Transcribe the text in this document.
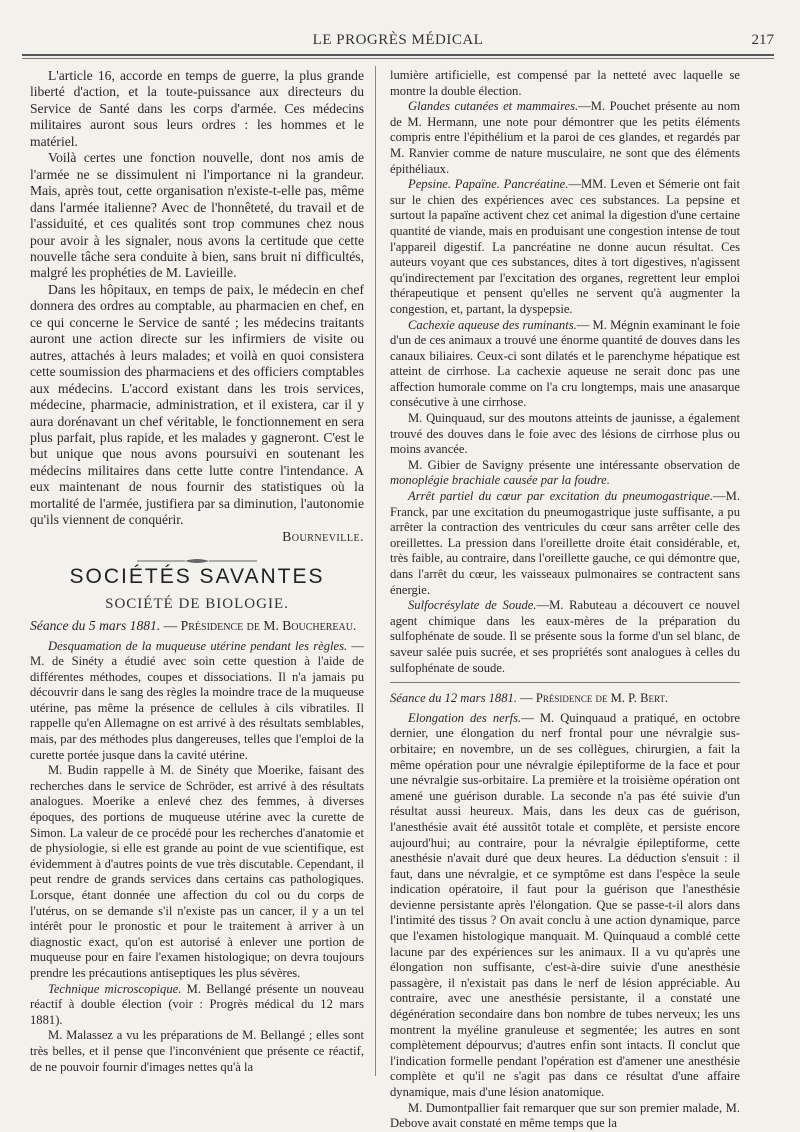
LE PROGRÈS MÉDICAL	217

L'article 16, accorde en temps de guerre, la plus grande liberté d'action, et la toute-puissance aux directeurs du Service de Santé dans les corps d'armée. Ces médecins militaires auront sous leurs ordres : les hommes et le matériel.

Voilà certes une fonction nouvelle, dont nos amis de l'armée ne se dissimulent ni l'importance ni la grandeur. Mais, après tout, cette organisation n'existe-t-elle pas, même dans l'armée italienne? Avec de l'honnêteté, du travail et de l'assiduité, et ces qualités sont trop communes chez nous pour avoir à les signaler, nous avons la certitude que cette nouvelle tâche sera conduite à bien, sans bruit ni difficultés, malgré les prophéties de M. Lavieille.

Dans les hôpitaux, en temps de paix, le médecin en chef donnera des ordres au comptable, au pharmacien en chef, en ce qui concerne le Service de santé ; les médecins traitants auront une action directe sur les infirmiers de visite ou autres, attachés à leurs malades; et voilà en quoi consistera cette soumission des pharmaciens et des officiers comptables aux médecins. L'accord existant dans les trois services, médecine, pharmacie, administration, et il existera, car il y aura dorénavant un chef véritable, le fonctionnement en sera plus parfait, plus rapide, et les malades y gagneront. C'est le but unique que nous avons poursuivi en soutenant les médecins militaires dans cette lutte contre l'intendance. A eux maintenant de nous fournir des statistiques où la mortalité de l'armée, justifiera par sa diminution, l'autonomie qu'ils viennent de conquérir.

Bourneville.

SOCIÉTÉS SAVANTES
SOCIÉTÉ DE BIOLOGIE.

Séance du 5 mars 1881. — Présidence de M. Bouchereau.

Desquamation de la muqueuse utérine pendant les règles. — M. de Sinéty a étudié avec soin cette question à l'aide de différentes méthodes, coupes et dissociations. Il n'a jamais pu découvrir dans le sang des règles la moindre trace de la muqueuse utérine, pas même la présence de cellules à cils vibratiles. Il rappelle qu'en Allemagne on est arrivé à des résultats semblables, mais, par des méthodes plus dangereuses, telles que l'emploi de la curette portée jusque dans la cavité utérine.

M. Budin rappelle à M. de Sinéty que Moerike, faisant des recherches dans le service de Schröder, est arrivé à des résultats analogues. Moerike a enlevé chez des femmes, à diverses époques, des portions de muqueuse utérine avec la curette de Simon. La valeur de ce procédé pour les recherches d'anatomie et de physiologie, si elle est grande au point de vue scientifique, est évidemment à d'autres points de vue très discutable. Cependant, il peut rendre de grands services dans certains cas pathologiques. Lorsque, étant donnée une affection du col ou du corps de l'utérus, on se demande s'il n'existe pas un cancer, il y a un tel intérêt pour le pronostic et pour le traitement à arriver à un diagnostic exact, qu'on est autorisé à enlever une portion de muqueuse pour en faire l'examen histologique; on devra toujours prendre les précautions antiseptiques les plus sévères.

Technique microscopique. M. Bellangé présente un nouveau réactif à double élection (voir : Progrès médical du 12 mars 1881).

M. Malassez a vu les préparations de M. Bellangé ; elles sont très belles, et il pense que l'inconvénient que présente ce réactif, de ne pouvoir fournir d'images nettes qu'à la

lumière artificielle, est compensé par la netteté avec laquelle se montre la double élection.

Glandes cutanées et mammaires.—M. Pouchet présente au nom de M. Hermann, une note pour démontrer que les petits éléments compris entre l'épithélium et la paroi de ces glandes, et regardés par M. Ranvier comme de nature musculaire, ne sont que des éléments épithéliaux.

Pepsine. Papaïne. Pancréatine.—MM. Leven et Sémerie ont fait sur le chien des expériences avec ces substances. La pepsine et surtout la papaïne activent chez cet animal la digestion d'une certaine quantité de viande, mais en produisant une congestion intense de tout l'appareil digestif. La pancréatine ne donne aucun résultat. Ces auteurs voyant que ces substances, dites à tort digestives, n'agissent qu'indirectement par l'excitation des organes, regrettent leur emploi thérapeutique et pensent qu'elles ne servent qu'à augmenter la congestion, et, partant, la dyspepsie.

Cachexie aqueuse des ruminants.— M. Mégnin examinant le foie d'un de ces animaux a trouvé une énorme quantité de douves dans les canaux biliaires. Ceux-ci sont dilatés et le parenchyme hépatique est atteint de cirrhose. La cachexie aqueuse ne serait donc pas une affection humorale comme on l'a cru longtemps, mais une anasarque consécutive à une cirrhose.

M. Quinquaud, sur des moutons atteints de jaunisse, a également trouvé des douves dans le foie avec des lésions de cirrhose plus ou moins avancée.

M. Gibier de Savigny présente une intéressante observation de monoplégie brachiale causée par la foudre.

Arrêt partiel du cœur par excitation du pneumogastrique.—M. Franck, par une excitation du pneumogastrique juste suffisante, a pu arrêter la contraction des ventricules du cœur sans arrêter celle des oreillettes. La pression dans l'oreillette droite était considérable, et, très faible, au contraire, dans l'oreillette gauche, ce qui démontre que, dans l'arrêt du cœur, les vaisseaux pulmonaires se contractent sans énergie.

Sulfocrésylate de Soude.—M. Rabuteau a découvert ce nouvel agent chimique dans les eaux-mères de la préparation du sulfophénate de soude. Il se présente sous la forme d'un sel blanc, de saveur salée puis sucrée, et ses propriétés sont analogues à celles du sulfophénate de soude.

Séance du 12 mars 1881. — Présidence de M. P. Bert.

Elongation des nerfs.— M. Quinquaud a pratiqué, en octobre dernier, une élongation du nerf frontal pour une névralgie sus-orbitaire; en novembre, un de ses collègues, chirurgien, a fait la même opération pour une névralgie épileptiforme de la face et pour une névralgie sus-orbitaire. La première et la troisième opération ont amené une guérison durable. La seconde n'a pas été suivie d'un résultat aussi heureux. Mais, dans les deux cas de guérison, l'anesthésie avait été aussitôt totale et complète, et persiste encore aujourd'hui; au contraire, pour la névralgie épileptiforme, cette anesthésie n'avait duré que deux heures. La déduction s'ensuit : il faut, dans une névralgie, et ce symptôme est dans l'espèce la seule indication opératoire, il faut pour la guérison que l'anesthésie devienne persistante après l'élongation. Que se passe-t-il alors dans l'intimité des tissus ? On avait conclu à une action dynamique, parce que l'examen histologique manquait. M. Quinquaud a comblé cette lacune par des expériences sur les animaux. Il a vu qu'après une élongation non suffisante, c'est-à-dire suivie d'une anesthésie passagère, il n'existait pas dans le nerf de lésion appréciable. Au contraire, avec une anesthésie persistante, il a constaté une dégénération secondaire dans bon nombre de tubes nerveux; les uns montrent la myéline granuleuse et segmentée; les autres en sont complètement dépourvus; d'autres enfin sont intacts. Il conclut que l'indication formelle pendant l'opération est d'amener une anesthésie complète et qu'il ne s'agit pas dans ce résultat d'une affaire dynamique, mais d'une lésion anatomique.

M. Dumontpallier fait remarquer que sur son premier malade, M. Debove avait constaté en même temps que la
